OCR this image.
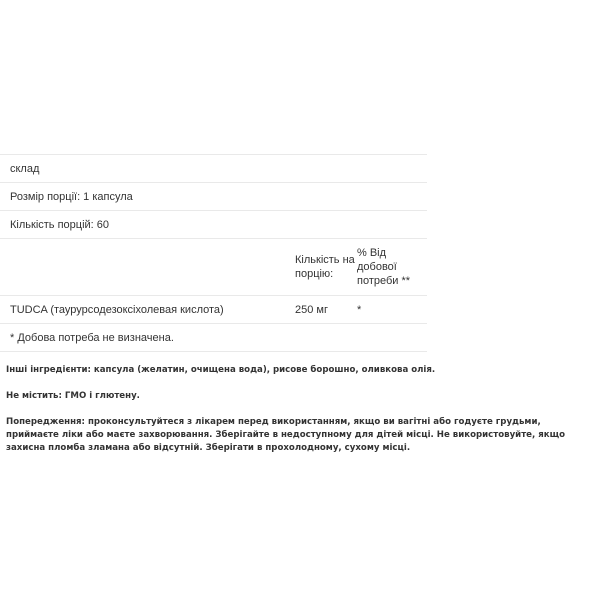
склад
Розмір порції: 1 капсула
Кількість порцій: 60
Кількість на порцію:
% Від добової потреби **
TUDCA (таурурсодезоксіхолевая кислота)	250 мг	*
* Добова потреба не визначена.

Інші інгредієнти: капсула (желатин, очищена вода), рисове борошно, оливкова олія.

Не містить: ГМО і глютену.

Попередження: проконсультуйтеся з лікарем перед використанням, якщо ви вагітні або годуєте грудьми, приймаєте ліки або маєте захворювання. Зберігайте в недоступному для дітей місці. Не використовуйте, якщо захисна пломба зламана або відсутній. Зберігати в прохолодному, сухому місці.
